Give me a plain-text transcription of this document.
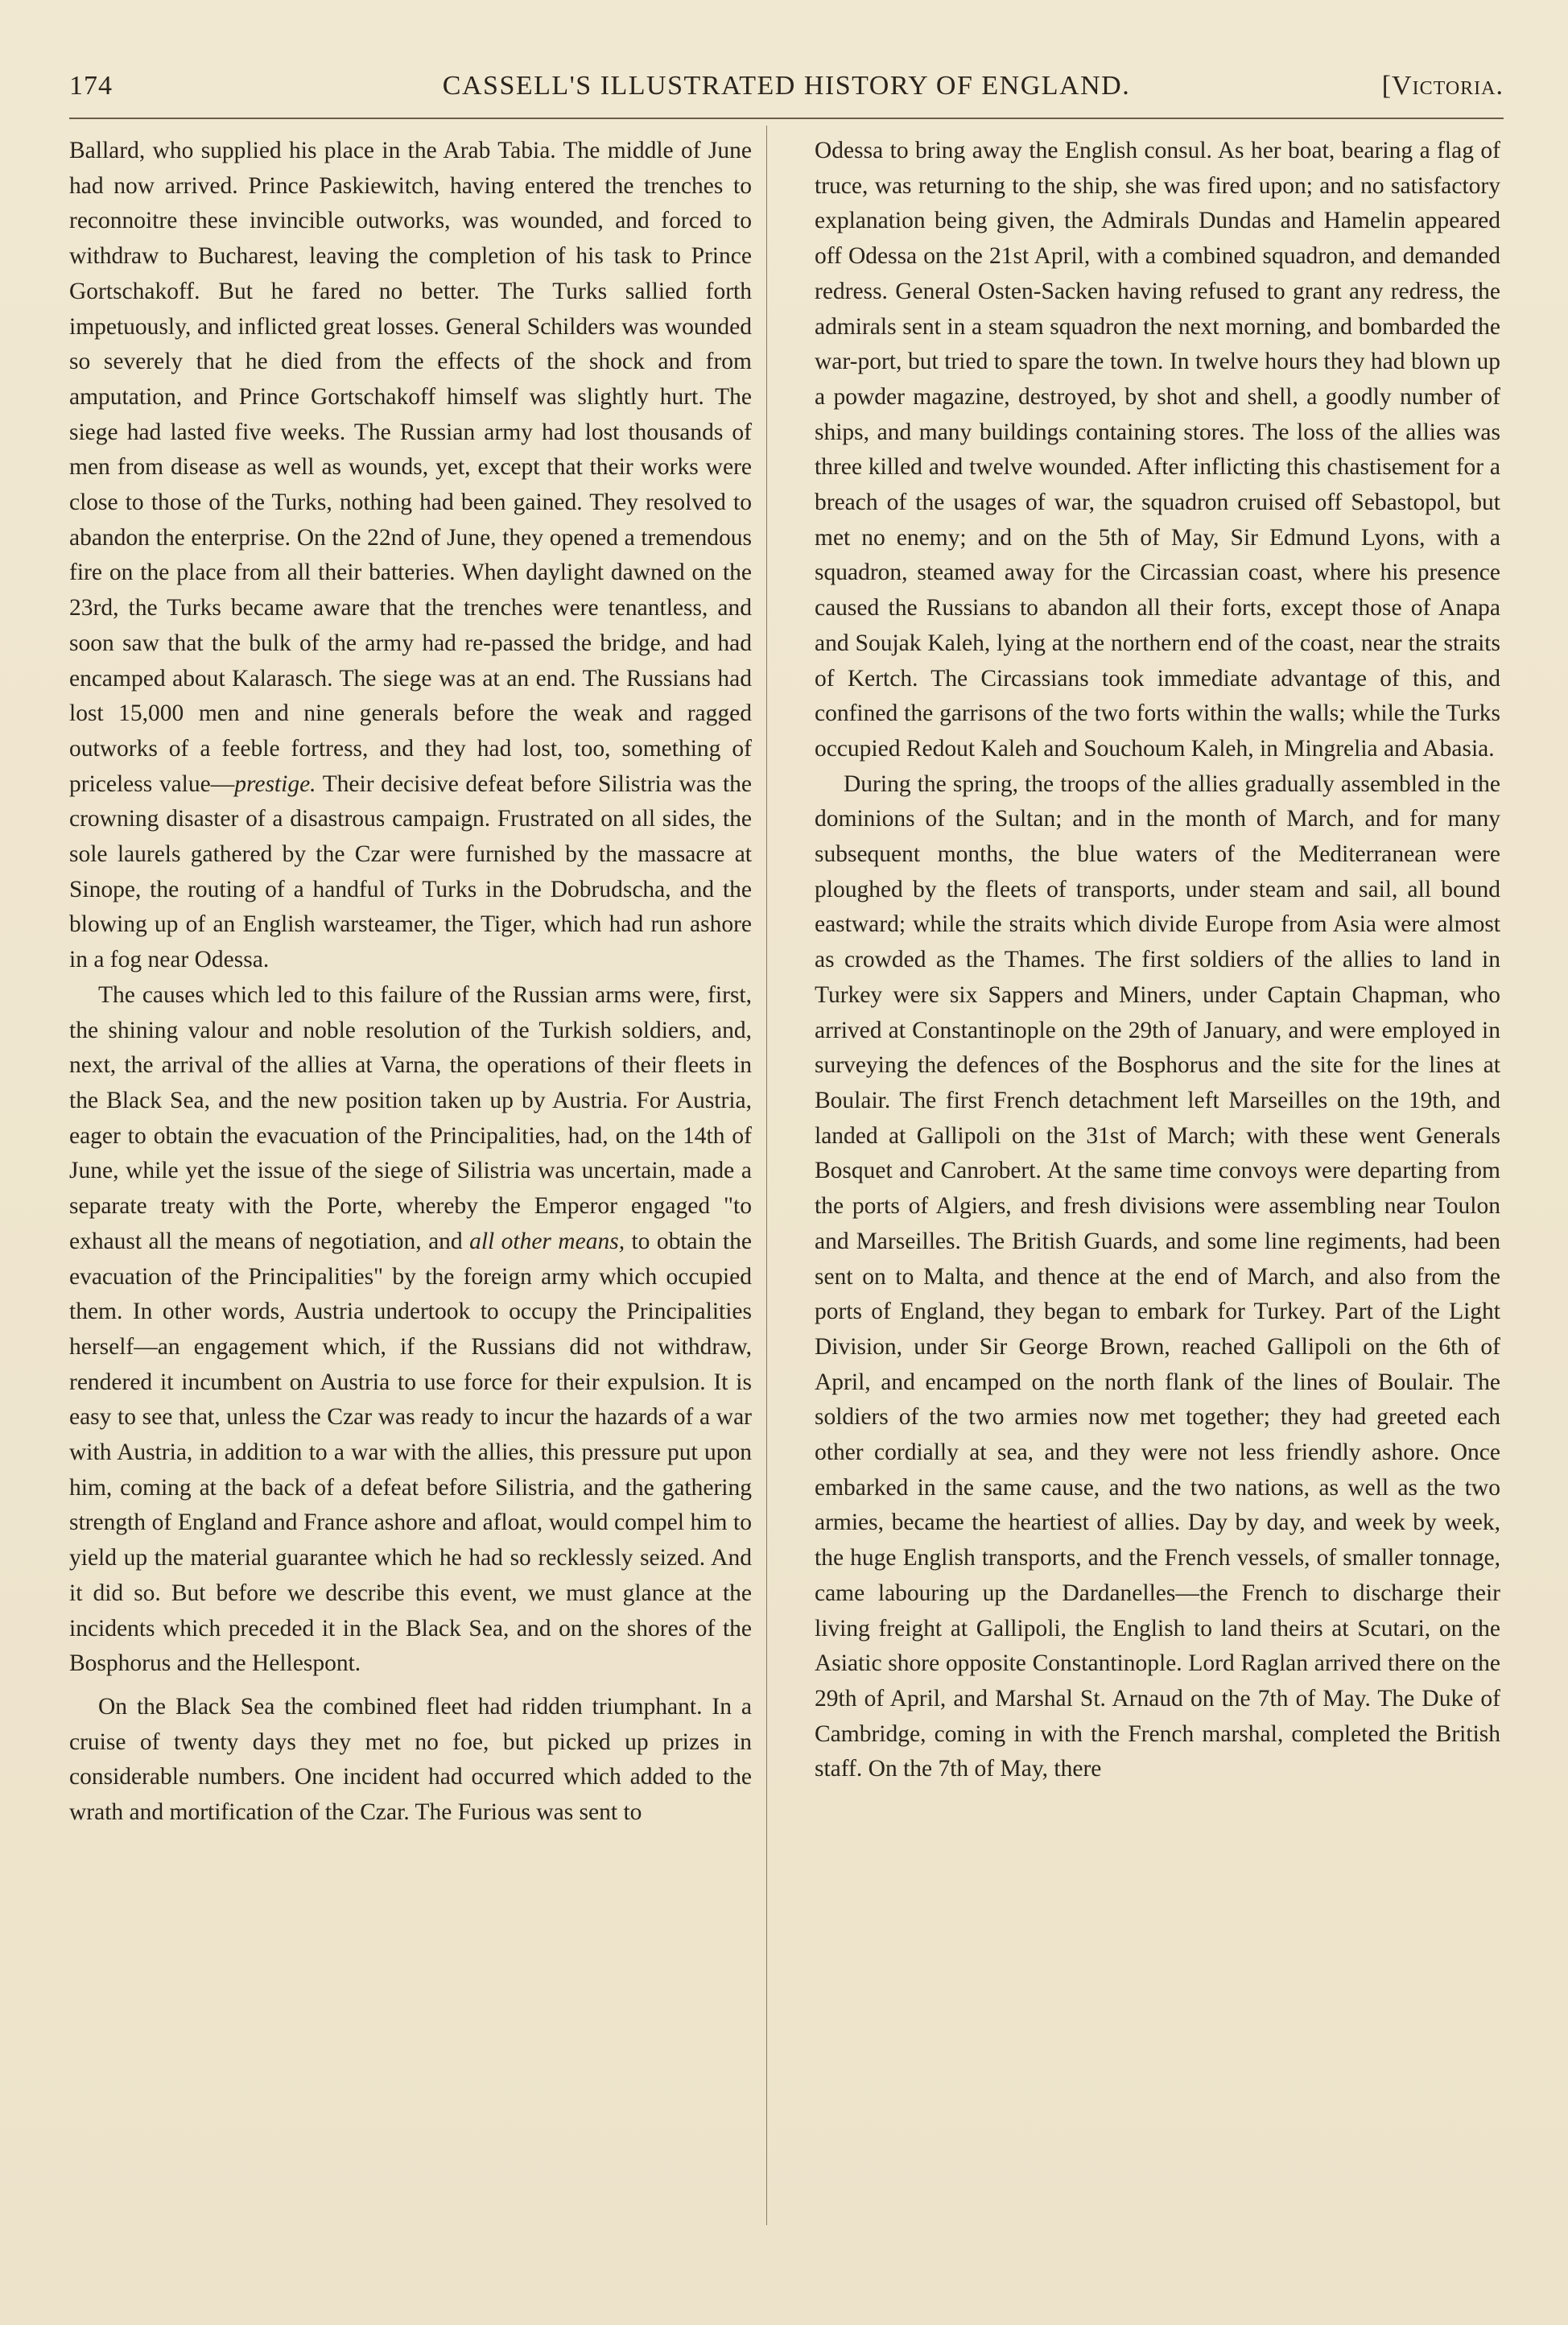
174	CASSELL'S ILLUSTRATED HISTORY OF ENGLAND.	[Victoria.

Ballard, who supplied his place in the Arab Tabia. The middle of June had now arrived. Prince Paskiewitch, having entered the trenches to reconnoitre these invincible outworks, was wounded, and forced to withdraw to Bucharest, leaving the completion of his task to Prince Gortschakoff. But he fared no better. The Turks sallied forth impetuously, and inflicted great losses. General Schilders was wounded so severely that he died from the effects of the shock and from amputation, and Prince Gortschakoff himself was slightly hurt. The siege had lasted five weeks. The Russian army had lost thousands of men from disease as well as wounds, yet, except that their works were close to those of the Turks, nothing had been gained. They resolved to abandon the enterprise. On the 22nd of June, they opened a tremendous fire on the place from all their batteries. When daylight dawned on the 23rd, the Turks became aware that the trenches were tenantless, and soon saw that the bulk of the army had re-passed the bridge, and had encamped about Kalarasch. The siege was at an end. The Russians had lost 15,000 men and nine generals before the weak and ragged outworks of a feeble fortress, and they had lost, too, something of priceless value—prestige. Their decisive defeat before Silistria was the crowning disaster of a disastrous campaign. Frustrated on all sides, the sole laurels gathered by the Czar were furnished by the massacre at Sinope, the routing of a handful of Turks in the Dobrudscha, and the blowing up of an English warsteamer, the Tiger, which had run ashore in a fog near Odessa.

The causes which led to this failure of the Russian arms were, first, the shining valour and noble resolution of the Turkish soldiers, and, next, the arrival of the allies at Varna, the operations of their fleets in the Black Sea, and the new position taken up by Austria. For Austria, eager to obtain the evacuation of the Principalities, had, on the 14th of June, while yet the issue of the siege of Silistria was uncertain, made a separate treaty with the Porte, whereby the Emperor engaged "to exhaust all the means of negotiation, and all other means, to obtain the evacuation of the Principalities" by the foreign army which occupied them. In other words, Austria undertook to occupy the Principalities herself—an engagement which, if the Russians did not withdraw, rendered it incumbent on Austria to use force for their expulsion. It is easy to see that, unless the Czar was ready to incur the hazards of a war with Austria, in addition to a war with the allies, this pressure put upon him, coming at the back of a defeat before Silistria, and the gathering strength of England and France ashore and afloat, would compel him to yield up the material guarantee which he had so recklessly seized. And it did so. But before we describe this event, we must glance at the incidents which preceded it in the Black Sea, and on the shores of the Bosphorus and the Hellespont.

On the Black Sea the combined fleet had ridden triumphant. In a cruise of twenty days they met no foe, but picked up prizes in considerable numbers. One incident had occurred which added to the wrath and mortification of the Czar. The Furious was sent to

Odessa to bring away the English consul. As her boat, bearing a flag of truce, was returning to the ship, she was fired upon; and no satisfactory explanation being given, the Admirals Dundas and Hamelin appeared off Odessa on the 21st April, with a combined squadron, and demanded redress. General Osten-Sacken having refused to grant any redress, the admirals sent in a steam squadron the next morning, and bombarded the war-port, but tried to spare the town. In twelve hours they had blown up a powder magazine, destroyed, by shot and shell, a goodly number of ships, and many buildings containing stores. The loss of the allies was three killed and twelve wounded. After inflicting this chastisement for a breach of the usages of war, the squadron cruised off Sebastopol, but met no enemy; and on the 5th of May, Sir Edmund Lyons, with a squadron, steamed away for the Circassian coast, where his presence caused the Russians to abandon all their forts, except those of Anapa and Soujak Kaleh, lying at the northern end of the coast, near the straits of Kertch. The Circassians took immediate advantage of this, and confined the garrisons of the two forts within the walls; while the Turks occupied Redout Kaleh and Souchoum Kaleh, in Mingrelia and Abasia.

During the spring, the troops of the allies gradually assembled in the dominions of the Sultan; and in the month of March, and for many subsequent months, the blue waters of the Mediterranean were ploughed by the fleets of transports, under steam and sail, all bound eastward; while the straits which divide Europe from Asia were almost as crowded as the Thames. The first soldiers of the allies to land in Turkey were six Sappers and Miners, under Captain Chapman, who arrived at Constantinople on the 29th of January, and were employed in surveying the defences of the Bosphorus and the site for the lines at Boulair. The first French detachment left Marseilles on the 19th, and landed at Gallipoli on the 31st of March; with these went Generals Bosquet and Canrobert. At the same time convoys were departing from the ports of Algiers, and fresh divisions were assembling near Toulon and Marseilles. The British Guards, and some line regiments, had been sent on to Malta, and thence at the end of March, and also from the ports of England, they began to embark for Turkey. Part of the Light Division, under Sir George Brown, reached Gallipoli on the 6th of April, and encamped on the north flank of the lines of Boulair. The soldiers of the two armies now met together; they had greeted each other cordially at sea, and they were not less friendly ashore. Once embarked in the same cause, and the two nations, as well as the two armies, became the heartiest of allies. Day by day, and week by week, the huge English transports, and the French vessels, of smaller tonnage, came labouring up the Dardanelles—the French to discharge their living freight at Gallipoli, the English to land theirs at Scutari, on the Asiatic shore opposite Constantinople. Lord Raglan arrived there on the 29th of April, and Marshal St. Arnaud on the 7th of May. The Duke of Cambridge, coming in with the French marshal, completed the British staff. On the 7th of May, there
